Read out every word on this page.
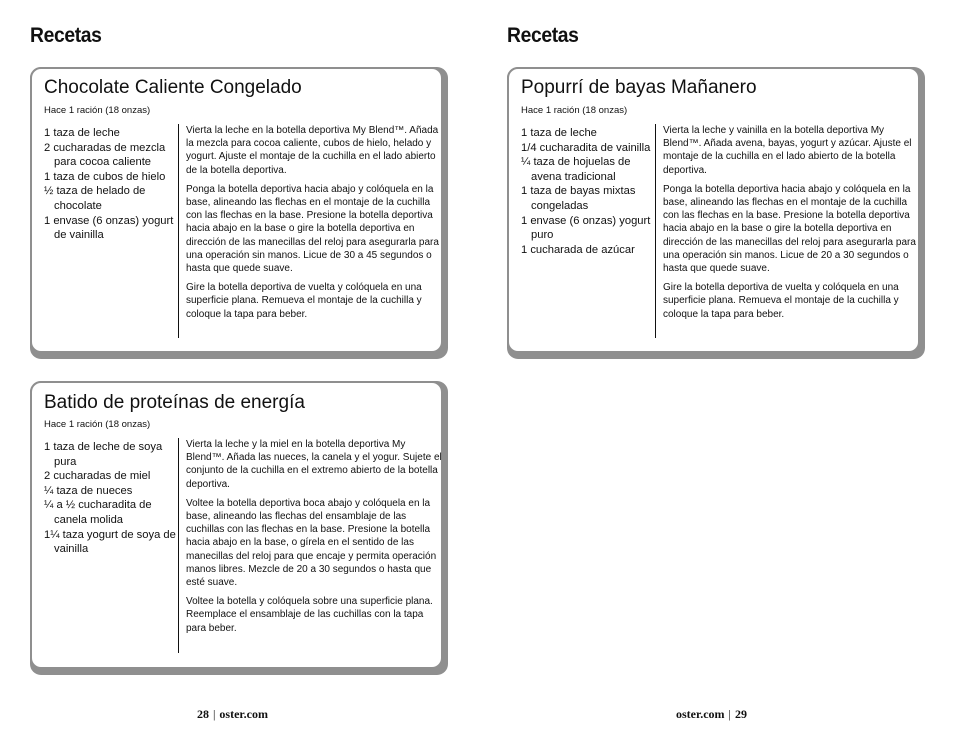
Recetas	Recetas
Chocolate Caliente Congelado
Hace 1 ración (18 onzas)
1 taza de leche
2 cucharadas de mezcla para cocoa caliente
1 taza de cubos de hielo
½ taza de helado de chocolate
1 envase (6 onzas) yogurt de vainilla

Vierta la leche en la botella deportiva My Blend™. Añada la mezcla para cocoa caliente, cubos de hielo, helado y yogurt. Ajuste el montaje de la cuchilla en el lado abierto de la botella deportiva.

Ponga la botella deportiva hacia abajo y colóquela en la base, alineando las flechas en el montaje de la cuchilla con las flechas en la base. Presione la botella deportiva hacia abajo en la base o gire la botella deportiva en dirección de las manecillas del reloj para asegurarla para una operación sin manos. Licue de 30 a 45 segundos o hasta que quede suave.

Gire la botella deportiva de vuelta y colóquela en una superficie plana. Remueva el montaje de la cuchilla y coloque la tapa para beber.

Popurrí de bayas Mañanero
Hace 1 ración (18 onzas)
1 taza de leche
1/4 cucharadita de vainilla
¼ taza de hojuelas de avena tradicional
1 taza de bayas mixtas congeladas
1 envase (6 onzas) yogurt puro
1 cucharada de azúcar

Vierta la leche y vainilla en la botella deportiva My Blend™. Añada avena, bayas, yogurt y azúcar. Ajuste el montaje de la cuchilla en el lado abierto de la botella deportiva.

Ponga la botella deportiva hacia abajo y colóquela en la base, alineando las flechas en el montaje de la cuchilla con las flechas en la base. Presione la botella deportiva hacia abajo en la base o gire la botella deportiva en dirección de las manecillas del reloj para asegurarla para una operación sin manos. Licue de 20 a 30 segundos o hasta que quede suave.

Gire la botella deportiva de vuelta y colóquela en una superficie plana. Remueva el montaje de la cuchilla y coloque la tapa para beber.

Batido de proteínas de energía
Hace 1 ración (18 onzas)
1 taza de leche de soya pura
2 cucharadas de miel
¼ taza de nueces
¼ a ½ cucharadita de canela molida
1¼ taza yogurt de soya de vainilla

Vierta la leche y la miel en la botella deportiva My Blend™. Añada las nueces, la canela y el yogur. Sujete el conjunto de la cuchilla en el extremo abierto de la botella deportiva.

Voltee la botella deportiva boca abajo y colóquela en la base, alineando las flechas del ensamblaje de las cuchillas con las flechas en la base. Presione la botella hacia abajo en la base, o gírela en el sentido de las manecillas del reloj para que encaje y permita operación manos libres. Mezcle de 20 a 30 segundos o hasta que esté suave.

Voltee la botella y colóquela sobre una superficie plana. Reemplace el ensamblaje de las cuchillas con la tapa para beber.

28 | oster.com	oster.com | 29
